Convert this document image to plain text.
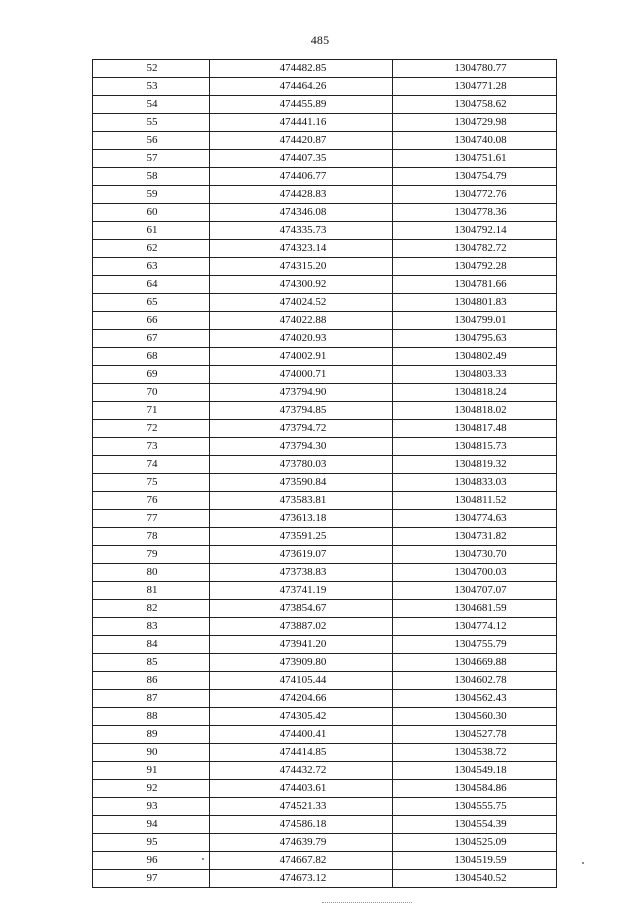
485
52	474482.85	1304780.77
53	474464.26	1304771.28
54	474455.89	1304758.62
55	474441.16	1304729.98
56	474420.87	1304740.08
57	474407.35	1304751.61
58	474406.77	1304754.79
59	474428.83	1304772.76
60	474346.08	1304778.36
61	474335.73	1304792.14
62	474323.14	1304782.72
63	474315.20	1304792.28
64	474300.92	1304781.66
65	474024.52	1304801.83
66	474022.88	1304799.01
67	474020.93	1304795.63
68	474002.91	1304802.49
69	474000.71	1304803.33
70	473794.90	1304818.24
71	473794.85	1304818.02
72	473794.72	1304817.48
73	473794.30	1304815.73
74	473780.03	1304819.32
75	473590.84	1304833.03
76	473583.81	1304811.52
77	473613.18	1304774.63
78	473591.25	1304731.82
79	473619.07	1304730.70
80	473738.83	1304700.03
81	473741.19	1304707.07
82	473854.67	1304681.59
83	473887.02	1304774.12
84	473941.20	1304755.79
85	473909.80	1304669.88
86	474105.44	1304602.78
87	474204.66	1304562.43
88	474305.42	1304560.30
89	474400.41	1304527.78
90	474414.85	1304538.72
91	474432.72	1304549.18
92	474403.61	1304584.86
93	474521.33	1304555.75
94	474586.18	1304554.39
95	474639.79	1304525.09
96	474667.82	1304519.59
97	474673.12	1304540.52
